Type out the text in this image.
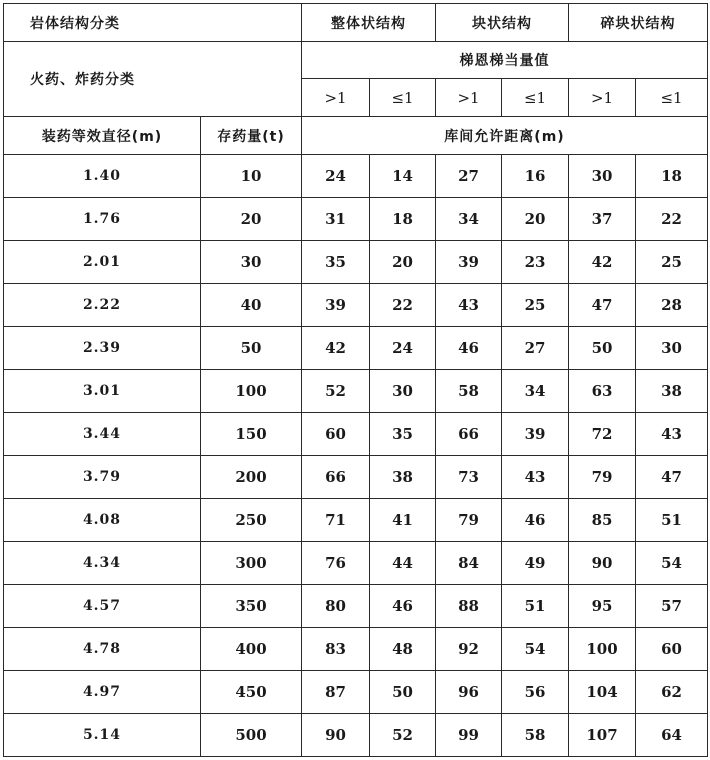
岩体结构分类		整体状结构		块状结构		碎块状结构	
火药、炸药分类		梯恩梯当量值					
		>1	≤1	>1	≤1	>1	≤1
装药等效直径(m)	存药量(t)	库间允许距离(m)					
1.40	10	24	14	27	16	30	18
1.76	20	31	18	34	20	37	22
2.01	30	35	20	39	23	42	25
2.22	40	39	22	43	25	47	28
2.39	50	42	24	46	27	50	30
3.01	100	52	30	58	34	63	38
3.44	150	60	35	66	39	72	43
3.79	200	66	38	73	43	79	47
4.08	250	71	41	79	46	85	51
4.34	300	76	44	84	49	90	54
4.57	350	80	46	88	51	95	57
4.78	400	83	48	92	54	100	60
4.97	450	87	50	96	56	104	62
5.14	500	90	52	99	58	107	64
